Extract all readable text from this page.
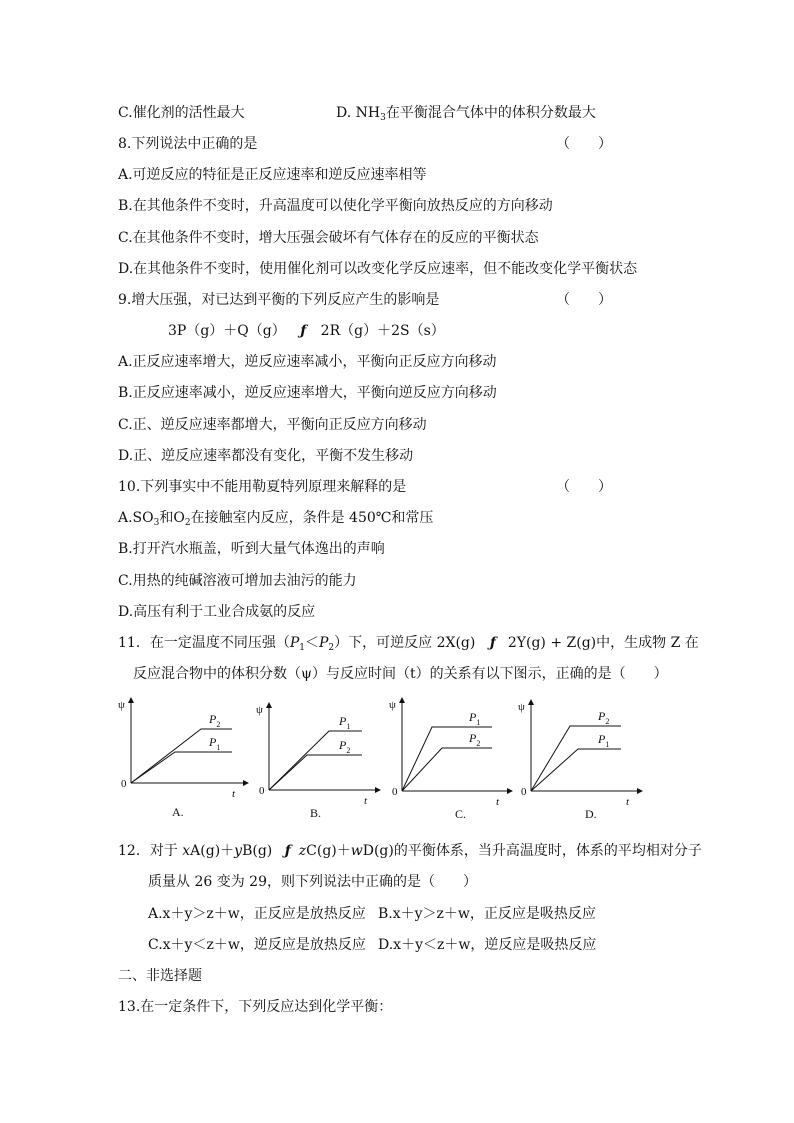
C.催化剂的活性最大	D. $NH_3$在平衡混合气体中的体积分数最大
8.下列说法中正确的是	（　　）
A.可逆反应的特征是正反应速率和逆反应速率相等
B.在其他条件不变时，升高温度可以使化学平衡向放热反应的方向移动
C.在其他条件不变时，增大压强会破坏有气体存在的反应的平衡状态
D.在其他条件不变时，使用催化剂可以改变化学反应速率，但不能改变化学平衡状态
9.增大压强，对已达到平衡的下列反应产生的影响是	（　　）
3P（g）＋Q（g） ƒ 2R（g）＋2S（s）
A.正反应速率增大，逆反应速率减小，平衡向正反应方向移动
B.正反应速率减小，逆反应速率增大，平衡向逆反应方向移动
C.正、逆反应速率都增大，平衡向正反应方向移动
D.正、逆反应速率都没有变化，平衡不发生移动
10.下列事实中不能用勒夏特列原理来解释的是	（　　）
$A.SO_3$和$O_2$在接触室内反应，条件是 450℃和常压
B.打开汽水瓶盖，听到大量气体逸出的声响
C.用热的纯碱溶液可增加去油污的能力
D.高压有利于工业合成氨的反应
11．在一定温度不同压强$(P_1<P_2)$下，可逆反应 2X(g) ƒ 2Y(g) + Z(g)中，生成物 Z 在
反应混合物中的体积分数（ψ）与反应时间（t）的关系有以下图示，正确的是（　　）
ψ
t
0
$P_2$
$P_1$
A.
ψ
t
0
$P_1$
$P_2$
B.
ψ
t
0
$P_1$
$P_2$
C.
ψ
t
0
$P_2$
$P_1$
D.
12．对于 xA(g)＋yB(g) ƒ zC(g)＋wD(g)的平衡体系，当升高温度时，体系的平均相对分子
质量从 26 变为 29，则下列说法中正确的是（　　）
A.x＋y＞z＋w，正反应是放热反应 B.x＋y＞z＋w，正反应是吸热反应
C.x＋y＜z＋w，逆反应是放热反应 D.x＋y＜z＋w，逆反应是吸热反应
二、非选择题
13.在一定条件下，下列反应达到化学平衡：
